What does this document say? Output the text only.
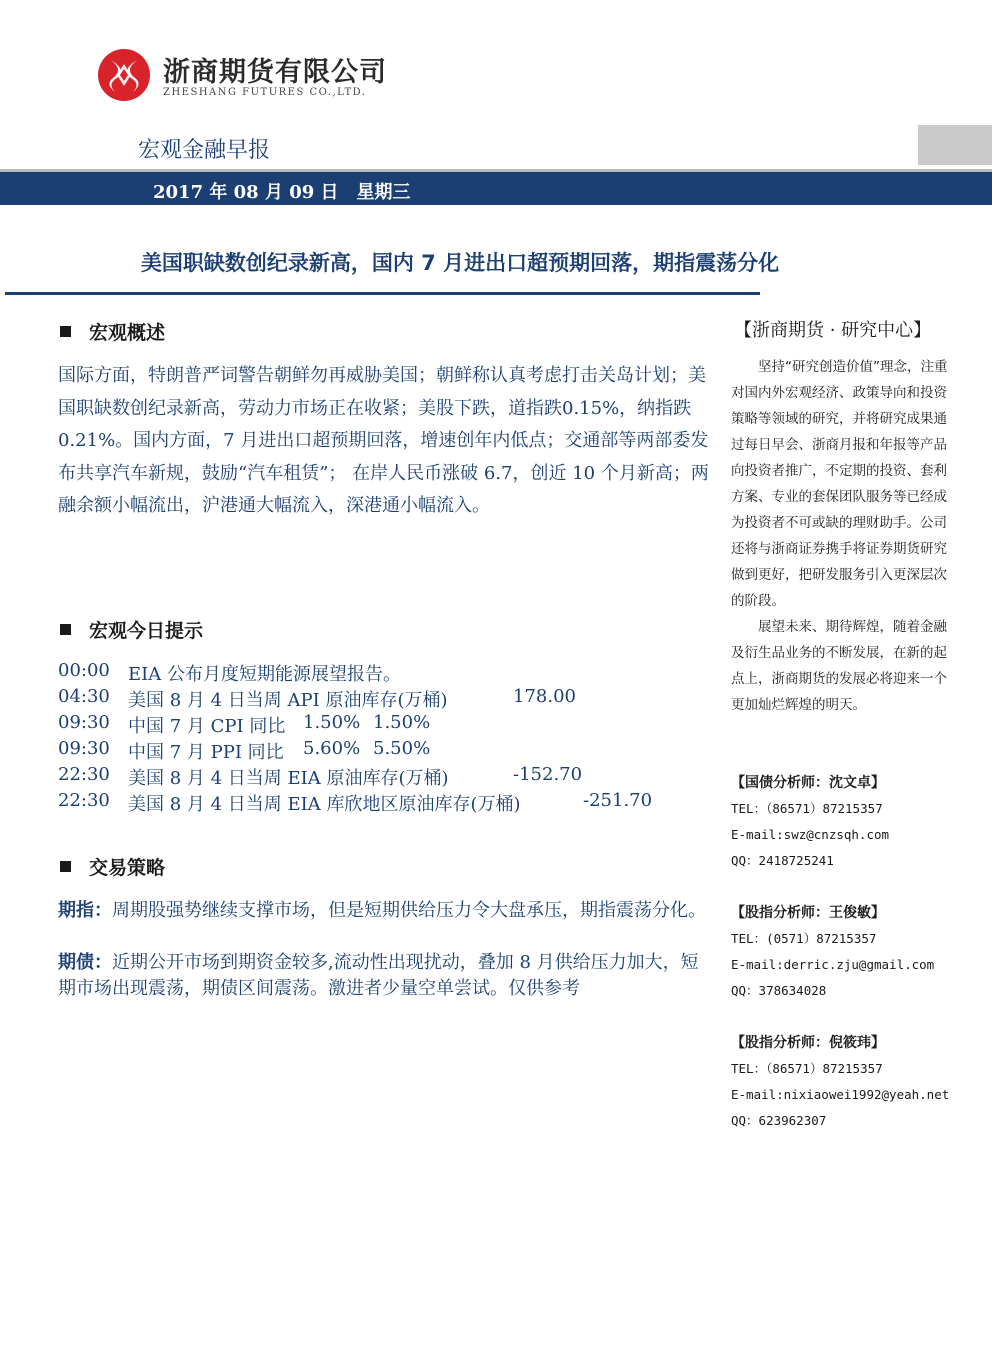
浙商期货有限公司
ZHESHANG FUTURES CO.,LTD.
宏观金融早报
2017 年 08 月 09 日　星期三
美国职缺数创纪录新高，国内 7 月进出口超预期回落，期指震荡分化
宏观概述
国际方面，特朗普严词警告朝鲜勿再威胁美国；朝鲜称认真考虑打击关岛计划；美国职缺数创纪录新高，劳动力市场正在收紧；美股下跌，道指跌0.15%，纳指跌 0.21%。国内方面，7 月进出口超预期回落，增速创年内低点；交通部等两部委发布共享汽车新规，鼓励“汽车租赁”； 在岸人民币涨破 6.7，创近 10 个月新高；两融余额小幅流出，沪港通大幅流入，深港通小幅流入。
宏观今日提示
00:00 EIA 公布月度短期能源展望报告。
04:30 美国 8 月 4 日当周 API 原油库存(万桶)	178.00
09:30 中国 7 月 CPI 同比 1.50% 1.50%
09:30 中国 7 月 PPI 同比 5.60% 5.50%
22:30 美国 8 月 4 日当周 EIA 原油库存(万桶)	-152.70
22:30 美国 8 月 4 日当周 EIA 库欣地区原油库存(万桶)	-251.70
交易策略
期指：周期股强势继续支撑市场，但是短期供给压力令大盘承压，期指震荡分化。
期债：近期公开市场到期资金较多,流动性出现扰动，叠加 8 月供给压力加大，短期市场出现震荡，期债区间震荡。激进者少量空单尝试。仅供参考
【浙商期货 · 研究中心】

坚持“研究创造价值”理念，注重对国内外宏观经济、政策导向和投资策略等领域的研究，并将研究成果通过每日早会、浙商月报和年报等产品向投资者推广，不定期的投资、套利方案、专业的套保团队服务等已经成为投资者不可或缺的理财助手。公司还将与浙商证券携手将证券期货研究做到更好，把研发服务引入更深层次的阶段。

展望未来、期待辉煌，随着金融及衍生品业务的不断发展，在新的起点上，浙商期货的发展必将迎来一个更加灿烂辉煌的明天。

【国债分析师：沈文卓】
TEL：（86571）87215357
E-mail:swz@cnzsqh.com
QQ：2418725241
【股指分析师：王俊敏】
TEL：(0571）87215357
E-mail:derric.zju@gmail.com
QQ：378634028
【股指分析师：倪筱玮】
TEL：（86571）87215357
E-mail:nixiaowei1992@yeah.net
QQ：623962307
